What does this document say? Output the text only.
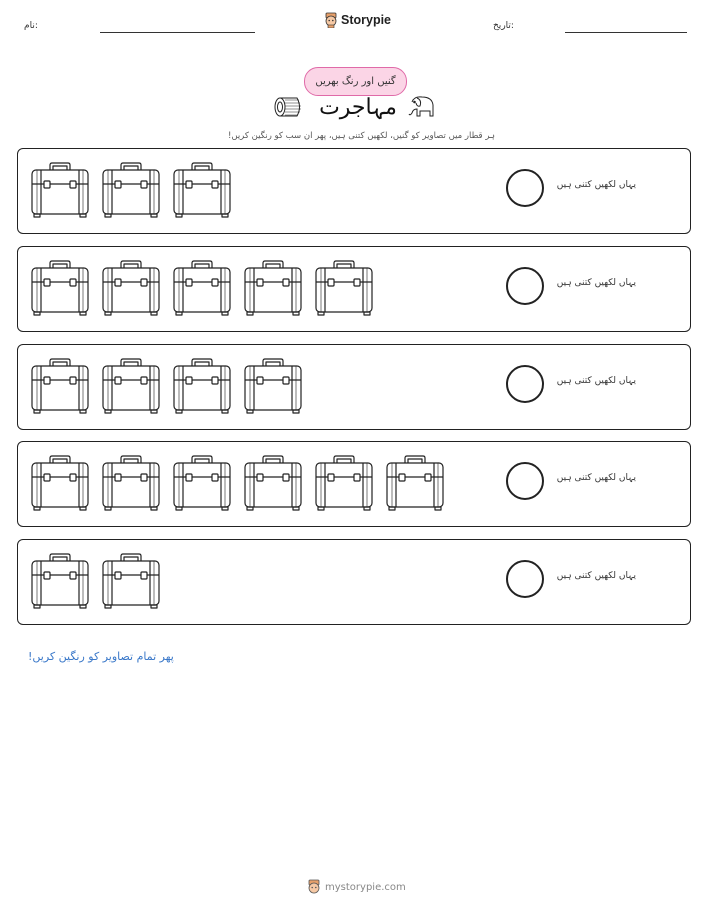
نام:	Storypie	تاریخ:
گنیں اور رنگ بھریں
مہاجرت
ہر قطار میں تصاویر کو گنیں، لکھیں کتنی ہیں، پھر ان سب کو رنگین کریں!
یہاں لکھیں کتنی ہیں
یہاں لکھیں کتنی ہیں
یہاں لکھیں کتنی ہیں
یہاں لکھیں کتنی ہیں
یہاں لکھیں کتنی ہیں
پھر تمام تصاویر کو رنگین کریں!
mystorypie.com
